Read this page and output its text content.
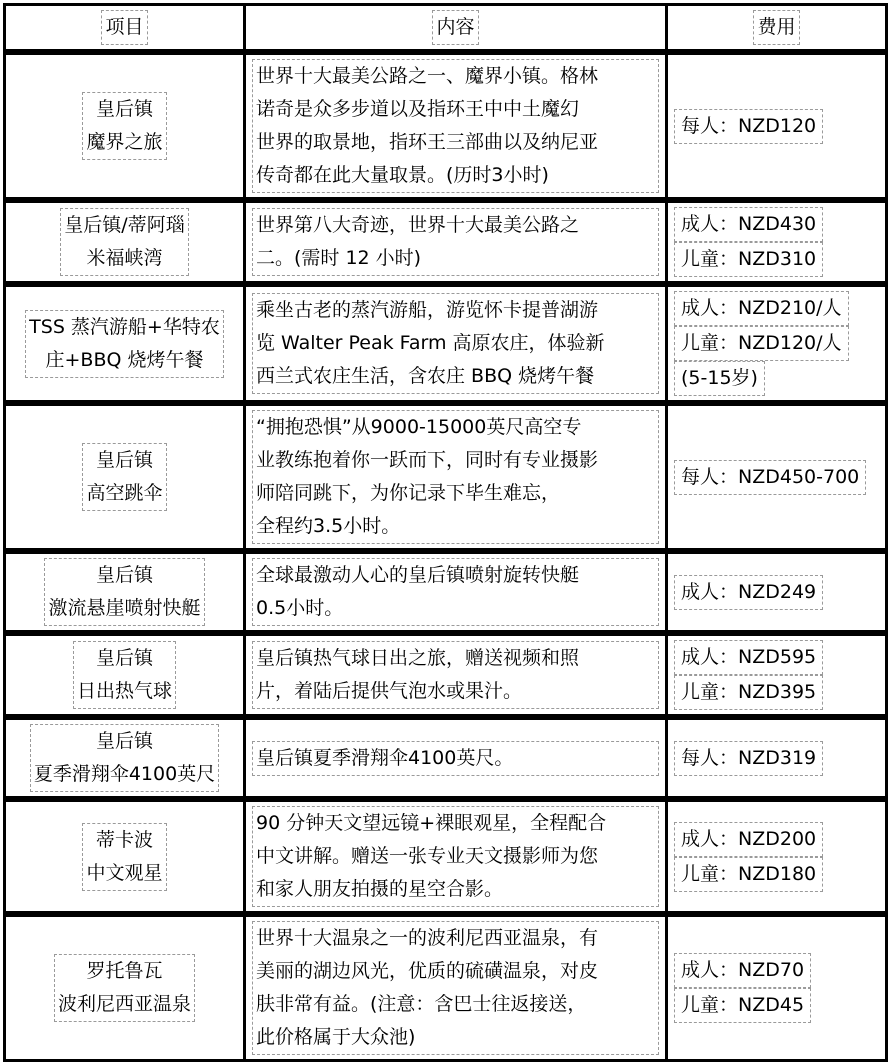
项目	内容	费用

皇后镇
魔界之旅	世界十大最美公路之一、魔界小镇。格林
诺奇是众多步道以及指环王中中土魔幻
世界的取景地，指环王三部曲以及纳尼亚
传奇都在此大量取景。(历时3小时)	每人：NZD120

皇后镇/蒂阿瑙
米福峡湾	世界第八大奇迹，世界十大最美公路之
二。(需时 12 小时)	成人：NZD430
儿童：NZD310

TSS 蒸汽游船+华特农
庄+BBQ 烧烤午餐	乘坐古老的蒸汽游船，游览怀卡提普湖游
览 Walter Peak Farm 高原农庄，体验新
西兰式农庄生活，含农庄 BBQ 烧烤午餐	成人：NZD210/人
儿童：NZD120/人
(5-15岁)

皇后镇
高空跳伞	“拥抱恐惧”从9000-15000英尺高空专
业教练抱着你一跃而下，同时有专业摄影
师陪同跳下，为你记录下毕生难忘，
全程约3.5小时。	每人：NZD450-700

皇后镇
激流悬崖喷射快艇	全球最激动人心的皇后镇喷射旋转快艇
0.5小时。	成人：NZD249

皇后镇
日出热气球	皇后镇热气球日出之旅，赠送视频和照
片，着陆后提供气泡水或果汁。	成人：NZD595
儿童：NZD395

皇后镇
夏季滑翔伞4100英尺	皇后镇夏季滑翔伞4100英尺。	每人：NZD319

蒂卡波
中文观星	90 分钟天文望远镜+裸眼观星，全程配合
中文讲解。赠送一张专业天文摄影师为您
和家人朋友拍摄的星空合影。	成人：NZD200
儿童：NZD180

罗托鲁瓦
波利尼西亚温泉	世界十大温泉之一的波利尼西亚温泉，有
美丽的湖边风光，优质的硫磺温泉，对皮
肤非常有益。(注意：含巴士往返接送，
此价格属于大众池)	成人：NZD70
儿童：NZD45
